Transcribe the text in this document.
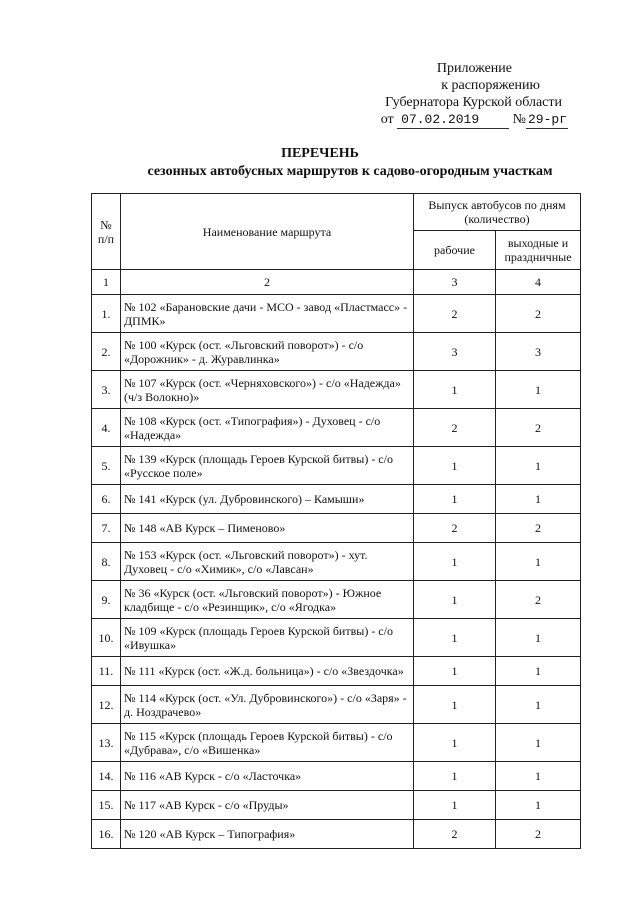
Приложение
к распоряжению
Губернатора Курской области
от
07.02.2019
	№ 29-рг
ПЕРЕЧЕНЬ
сезонных автобусных маршрутов к садово-огородным участкам
№ п/п	Наименование маршрута	Выпуск автобусов по дням (количество)	
		рабочие	выходные и праздничные
1	2	3	4
1.	№ 102 «Барановские дачи - МСО - завод «Пластмасс» - ДПМК»	2	2
2.	№ 100 «Курск (ост. «Льговский поворот») - с/о «Дорожник» - д. Журавлинка»	3	3
3.	№ 107 «Курск (ост. «Черняховского») - с/о «Надежда» (ч/з Волокно)»	1	1
4.	№ 108 «Курск (ост. «Типография») - Духовец - с/о «Надежда»	2	2
5.	№ 139 «Курск (площадь Героев Курской битвы) - с/о «Русское поле»	1	1
6.	№ 141 «Курск (ул. Дубровинского) – Камыши»	1	1
7.	№ 148 «АВ Курск – Пименово»	2	2
8.	№ 153 «Курск (ост. «Льговский поворот») - хут. Духовец - с/о «Химик», с/о «Лавсан»	1	1
9.	№ 36 «Курск (ост. «Льговский поворот») - Южное кладбище - с/о «Резинщик», с/о «Ягодка»	1	2
10.	№ 109 «Курск (площадь Героев Курской битвы) - с/о «Ивушка»	1	1
11.	№ 111 «Курск (ост. «Ж.д. больница») - с/о «Звездочка»	1	1
12.	№ 114 «Курск (ост. «Ул. Дубровинского») - с/о «Заря» - д. Ноздрачево»	1	1
13.	№ 115 «Курск (площадь Героев Курской битвы) - с/о «Дубрава», с/о «Вишенка»	1	1
14.	№ 116 «АВ Курск - с/о «Ласточка»	1	1
15.	№ 117 «АВ Курск - с/о «Пруды»	1	1
16.	№ 120 «АВ Курск – Типография»	2	2
